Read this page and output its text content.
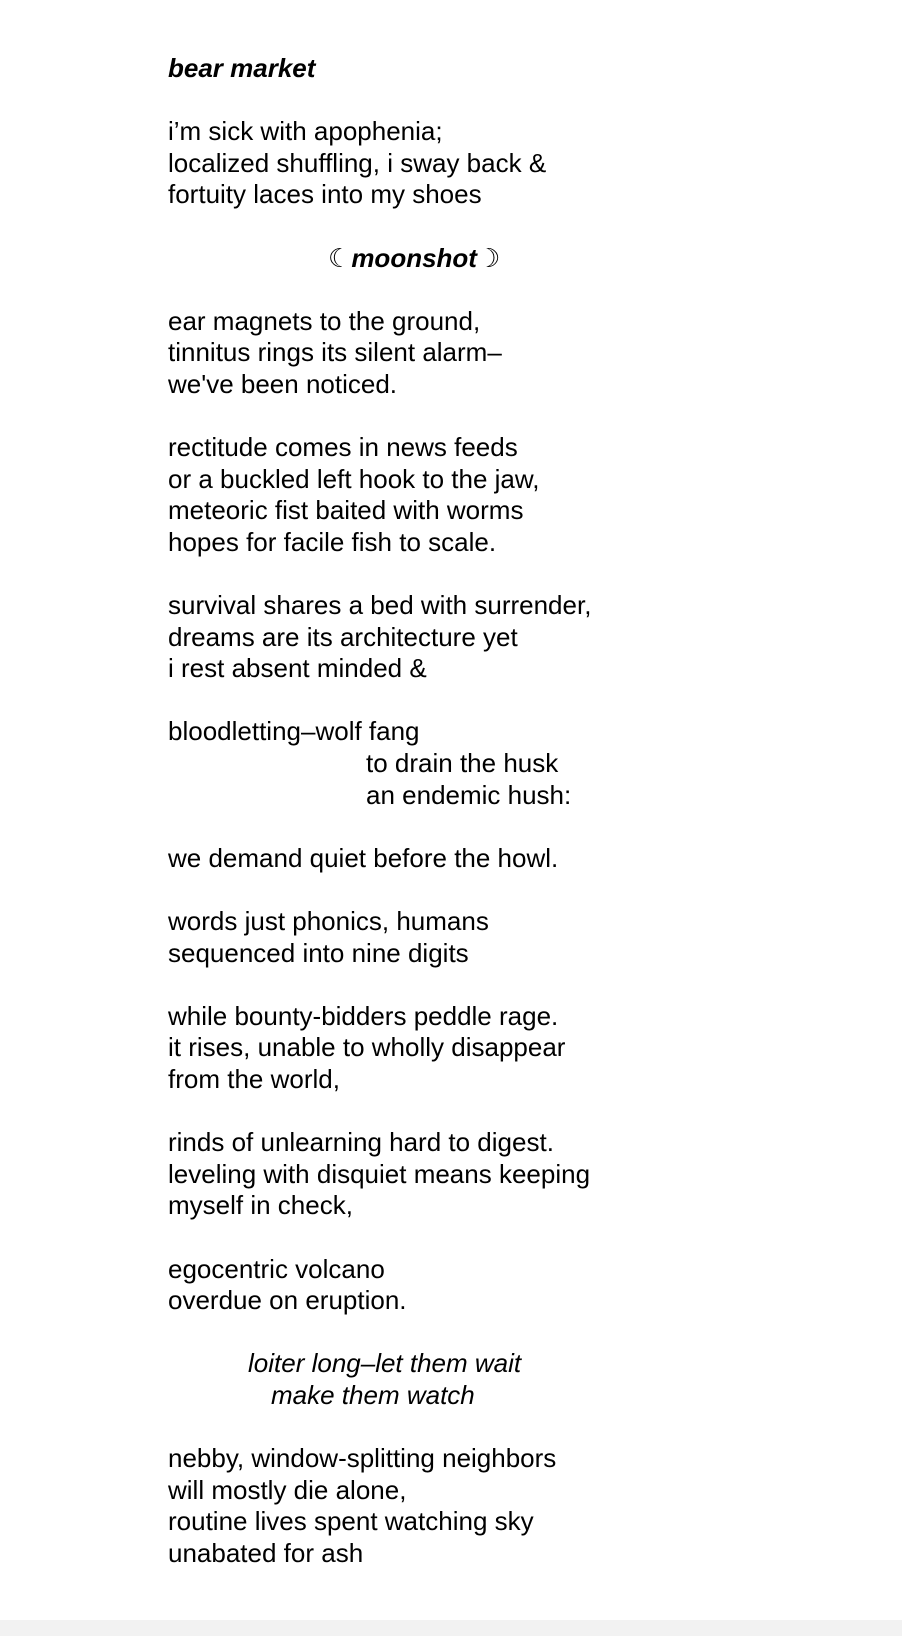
bear market
i’m sick with apophenia;
localized shuffling, i sway back &
fortuity laces into my shoes
☾moonshot☽
ear magnets to the ground,
tinnitus rings its silent alarm–
we've been noticed.
rectitude comes in news feeds
or a buckled left hook to the jaw,
meteoric fist baited with worms
hopes for facile fish to scale.
survival shares a bed with surrender,
dreams are its architecture yet
i rest absent minded &
bloodletting–wolf fang
to drain the husk
an endemic hush:
we demand quiet before the howl.
words just phonics, humans
sequenced into nine digits
while bounty-bidders peddle rage.
it rises, unable to wholly disappear
from the world,
rinds of unlearning hard to digest.
leveling with disquiet means keeping
myself in check,
egocentric volcano
overdue on eruption.
loiter long–let them wait
make them watch
nebby, window-splitting neighbors
will mostly die alone,
routine lives spent watching sky
unabated for ash
